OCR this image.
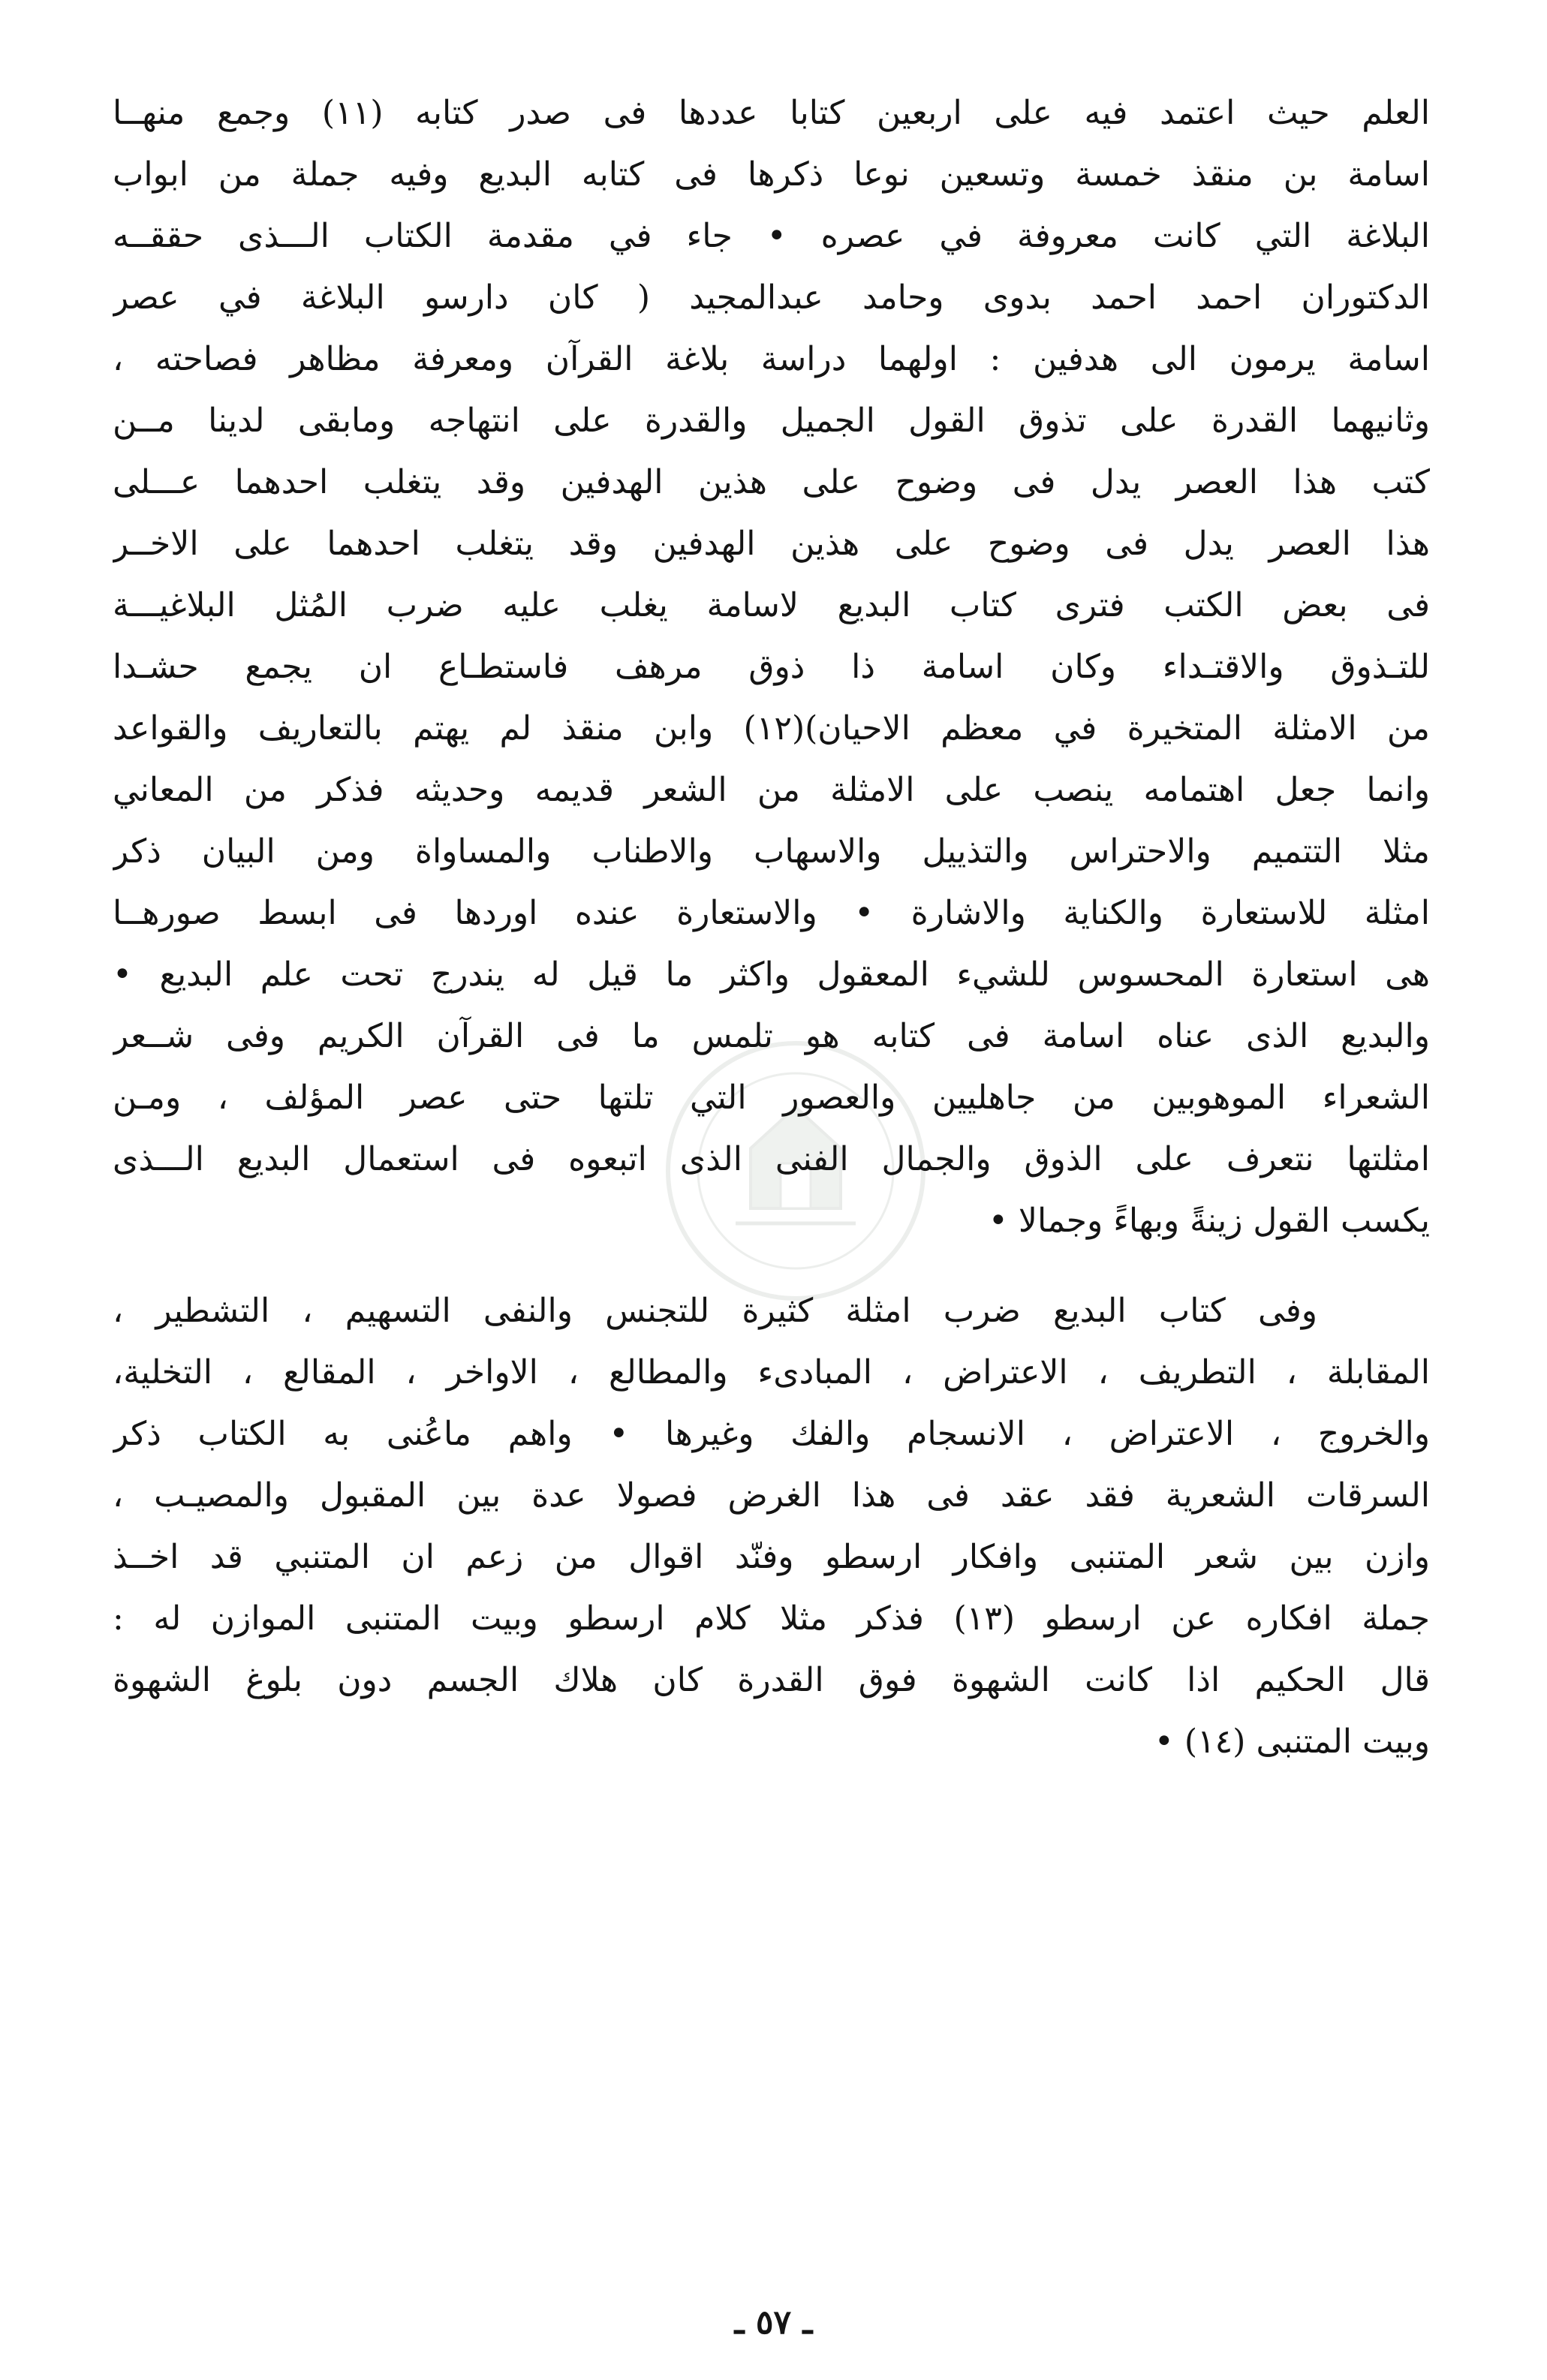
العلم حيث اعتمد فيه على اربعين كتابا عددها فى صدر كتابه (١١) وجمع منهــا

اسامة بن منقذ خمسة وتسعين نوعا ذكرها فى كتابه البديع وفيه جملة من ابواب

البلاغة التي كانت معروفة في عصره • جاء في مقدمة الكتاب الـــذى حققــه

الدكتوران احمد احمد بدوى وحامد عبدالمجيد ( كان دارسو البلاغة في عصر

اسامة يرمون الى هدفين : اولهما دراسة بلاغة القرآن ومعرفة مظاهر فصاحته ،

وثانيهما القدرة على تذوق القول الجميل والقدرة على انتهاجه ومابقى لدينا مــن

كتب هذا العصر يدل فى وضوح على هذين الهدفين وقد يتغلب احدهما عـــلى

هذا العصر يدل فى وضوح على هذين الهدفين وقد يتغلب احدهما على الاخــر

فى بعض الكتب فترى كتاب البديع لاسامة يغلب عليه ضرب المُثل البلاغيـــة

للتـذوق والاقتـداء وكان اسامة ذا ذوق مرهف فاستطـاع ان يجمع حشـدا

من الامثلة المتخيرة في معظم الاحيان)(١٢) وابن منقذ لم يهتم بالتعاريف والقواعد

وانما جعل اهتمامه ينصب على الامثلة من الشعر قديمه وحديثه فذكر من المعاني

مثلا التتميم والاحتراس والتذييل والاسهاب والاطناب والمساواة ومن البيان ذكر

امثلة للاستعارة والكناية والاشارة • والاستعارة عنده اوردها فى ابسط صورهــا

هى استعارة المحسوس للشيء المعقول واكثر ما قيل له يندرج تحت علم البديع •

والبديع الذى عناه اسامة فى كتابه هو تلمس ما فى القرآن الكريم وفى شــعر

الشعراء الموهوبين من جاهليين والعصور التي تلتها حتى عصر المؤلف ، ومـن

امثلتها نتعرف على الذوق والجمال الفنى الذى اتبعوه فى استعمال البديع الـــذى

يكسب القول زينةً وبهاءً وجمالا •

وفى كتاب البديع ضرب امثلة كثيرة للتجنس والنفى التسهيم ، التشطير ،

المقابلة ، التطريف ، الاعتراض ، المبادىء والمطالع ، الاواخر ، المقالع ، التخلية،

والخروج ، الاعتراض ، الانسجام والفك وغيرها • واهم ماعُنى به الكتاب ذكر

السرقات الشعرية فقد عقد فى هذا الغرض فصولا عدة بين المقبول والمصيـب ،

وازن بين شعر المتنبى وافكار ارسطو وفنّد اقوال من زعم ان المتنبي قد اخــذ

جملة افكاره عن ارسطو (١٣) فذكر مثلا كلام ارسطو وبيت المتنبى الموازن له :

قال الحكيم اذا كانت الشهوة فوق القدرة كان هلاك الجسم دون بلوغ الشهوة

وبيت المتنبى (١٤) •

ـ ٥٧ ـ
